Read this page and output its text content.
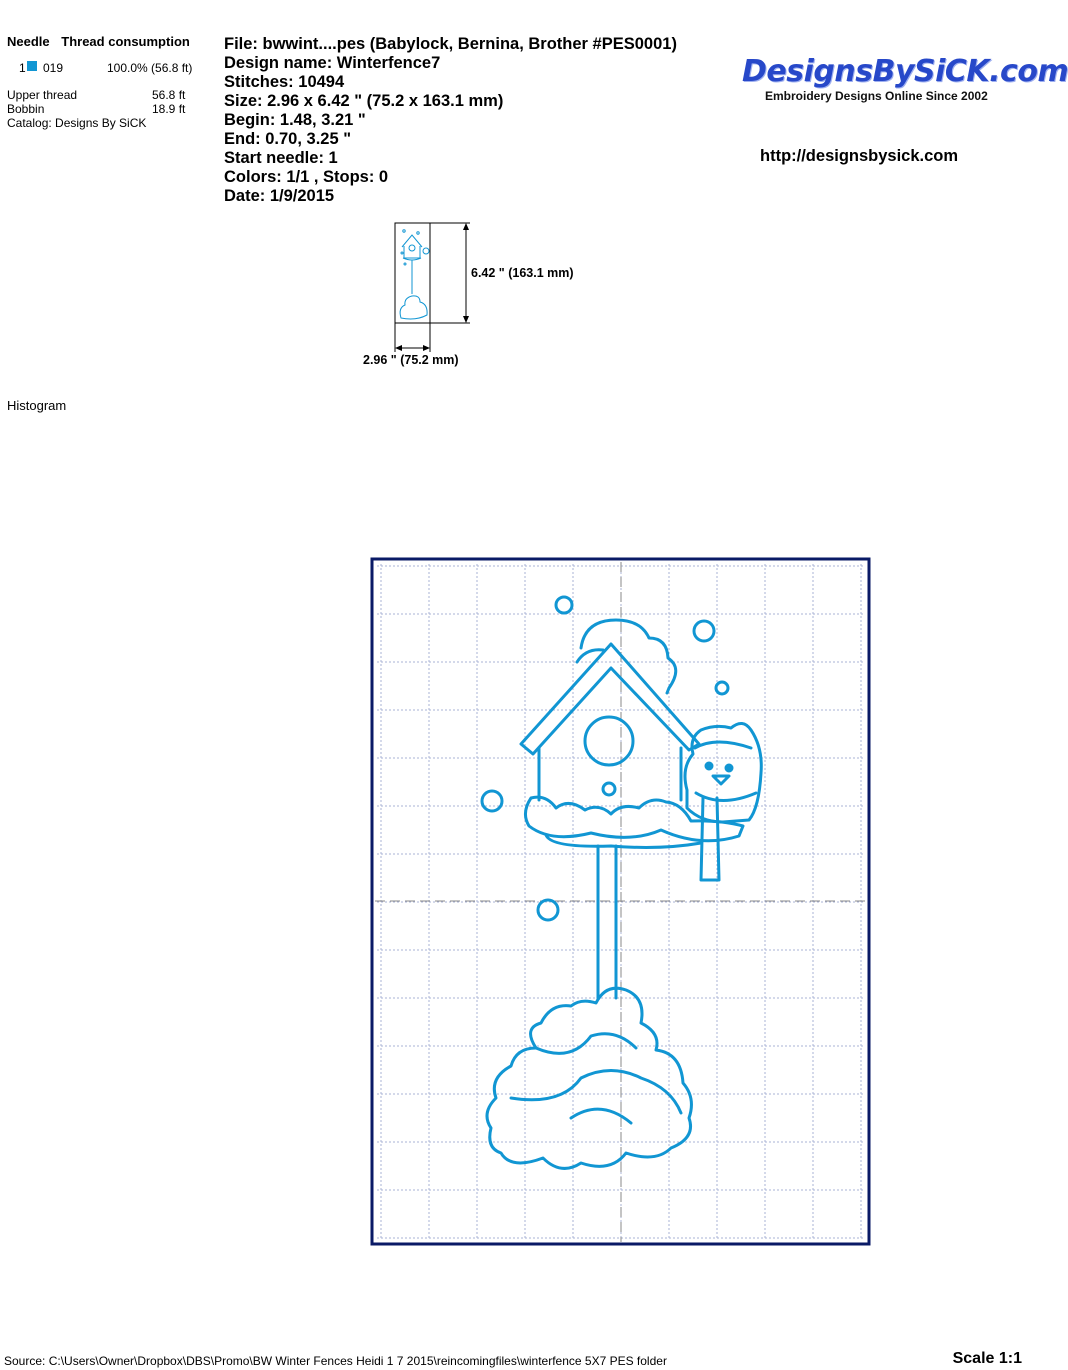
Needle Thread consumption
1 019	100.0% (56.8 ft)
Upper thread	56.8 ft
Bobbin	18.9 ft
Catalog: Designs By SiCK
File: bwwint....pes (Babylock, Bernina, Brother #PES0001)
Design name: Winterfence7
Stitches: 10494
Size: 2.96 x 6.42 " (75.2 x 163.1 mm)
Begin: 1.48, 3.21 "
End: 0.70, 3.25 "
Start needle: 1
Colors: 1/1 , Stops: 0
Date: 1/9/2015
DesignsBySiCK.com
Embroidery Designs Online Since 2002
http://designsbysick.com
6.42 " (163.1 mm)
2.96 " (75.2 mm)
Histogram
Source: C:\Users\Owner\Dropbox\DBS\Promo\BW Winter Fences Heidi 1 7 2015\reincomingfiles\winterfence 5X7 PES folder	Scale 1:1
